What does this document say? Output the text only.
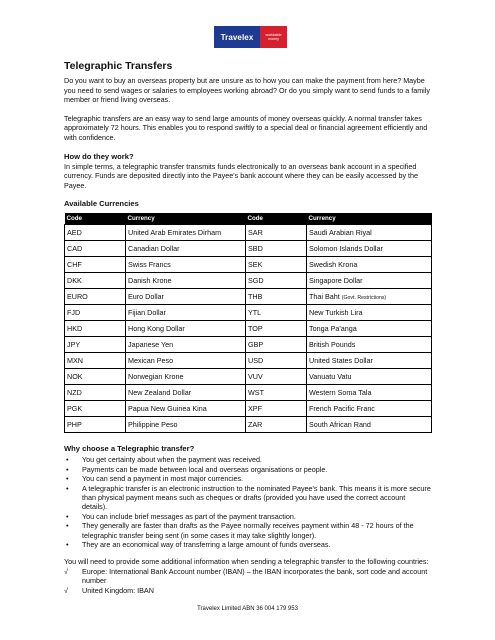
Travelex	worldwide money
Telegraphic Transfers

Do you want to buy an overseas property but are unsure as to how you can make the payment from here? Maybe you need to send wages or salaries to employees working abroad? Or do you simply want to send funds to a family member or friend living overseas.

Telegraphic transfers are an easy way to send large amounts of money overseas quickly. A normal transfer takes approximately 72 hours. This enables you to respond swiftly to a special deal or financial agreement efficiently and with confidence.

How do they work?

In simple terms, a telegraphic transfer transmits funds electronically to an overseas bank account in a specified currency. Funds are deposited directly into the Payee's bank account where they can be easily accessed by the Payee.

Available Currencies
Code	Currency	Code	Currency
AED	United Arab Emirates Dirham	SAR	Saudi Arabian Riyal
CAD	Canadian Dollar	SBD	Solomon Islands Dollar
CHF	Swiss Francs	SEK	Swedish Krona
DKK	Danish Krone	SGD	Singapore Dollar
EURO	Euro Dollar	THB	Thai Baht (Govt. Restrictions)
FJD	Fijian Dollar	YTL	New Turkish Lira
HKD	Hong Kong Dollar	TOP	Tonga Pa'anga
JPY	Japanese Yen	GBP	British Pounds
MXN	Mexican Peso	USD	United States Dollar
NOK	Norwegian Krone	VUV	Vanuatu Vatu
NZD	New Zealand Dollar	WST	Western Soma Tala
PGK	Papua New Guinea Kina	XPF	French Pacific Franc
PHP	Philippine Peso	ZAR	South African Rand
Why choose a Telegraphic transfer?
• You get certainty about when the payment was received.
• Payments can be made between local and overseas organisations or people.
• You can send a payment in most major currencies.
• A telegraphic transfer is an electronic instruction to the nominated Payee's bank. This means it is more secure than physical payment means such as cheques or drafts (provided you have used the correct account details).
• You can include brief messages as part of the payment transaction.
• They generally are faster than drafts as the Payee normally receives payment within 48 - 72 hours of the telegraphic transfer being sent (in some cases it may take slightly longer).
• They are an economical way of transferring a large amount of funds overseas.

You will need to provide some additional information when sending a telegraphic transfer to the following countries:

√ Europe: International Bank Account number (IBAN) – the IBAN incorporates the bank, sort code and account number
√ United Kingdom: IBAN
Travelex Limited ABN 36 004 179 953
